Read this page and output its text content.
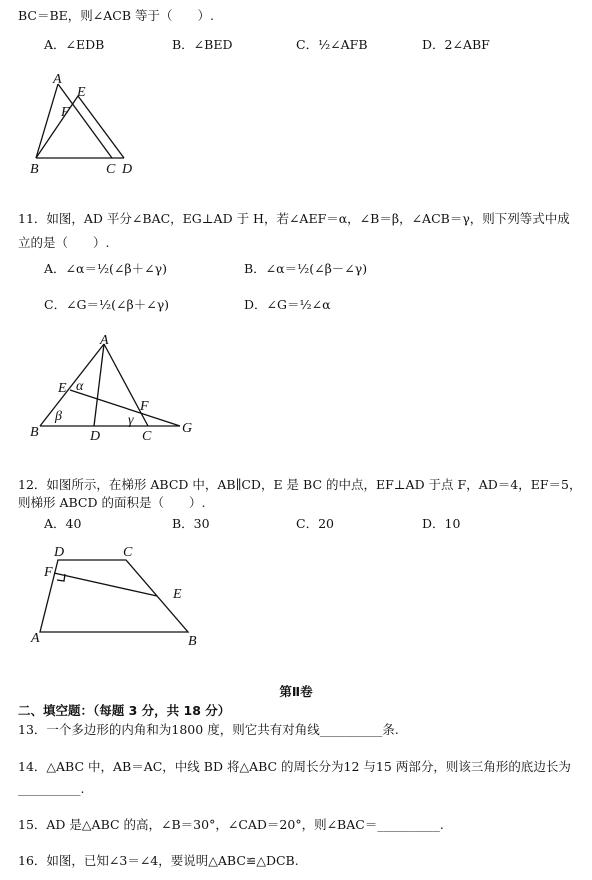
BC＝BE，则∠ACB 等于（　　）.
A．∠EDB	B．∠BED	C．½∠AFB	D．2∠ABF
A
E
F
B	C D
11．如图，AD 平分∠BAC，EG⊥AD 于 H，若∠AEF＝α，∠B＝β，∠ACB＝γ，则下列等式中成
立的是（　　）.
A．∠α＝½(∠β＋∠γ)	B．∠α＝½(∠β－∠γ)
C．∠G＝½(∠β＋∠γ)	D．∠G＝½∠α
A
E α
F
β	γ
B	D	C
G
12．如图所示，在梯形 ABCD 中，AB∥CD，E 是 BC 的中点，EF⊥AD 于点 F，AD＝4，EF＝5，
则梯形 ABCD 的面积是（　　）.
A．40	B．30	C．20	D．10
D	C
F
E
A	B
第Ⅱ卷
二、填空题：（每题 3 分，共 18 分）
13．一个多边形的内角和为1800 度，则它共有对角线__________条.
14．△ABC 中，AB＝AC，中线 BD 将△ABC 的周长分为12 与15 两部分，则该三角形的底边长为
__________.
15．AD 是△ABC 的高，∠B＝30°，∠CAD＝20°，则∠BAC＝__________.
16．如图，已知∠3＝∠4，要说明△ABC≌△DCB.
